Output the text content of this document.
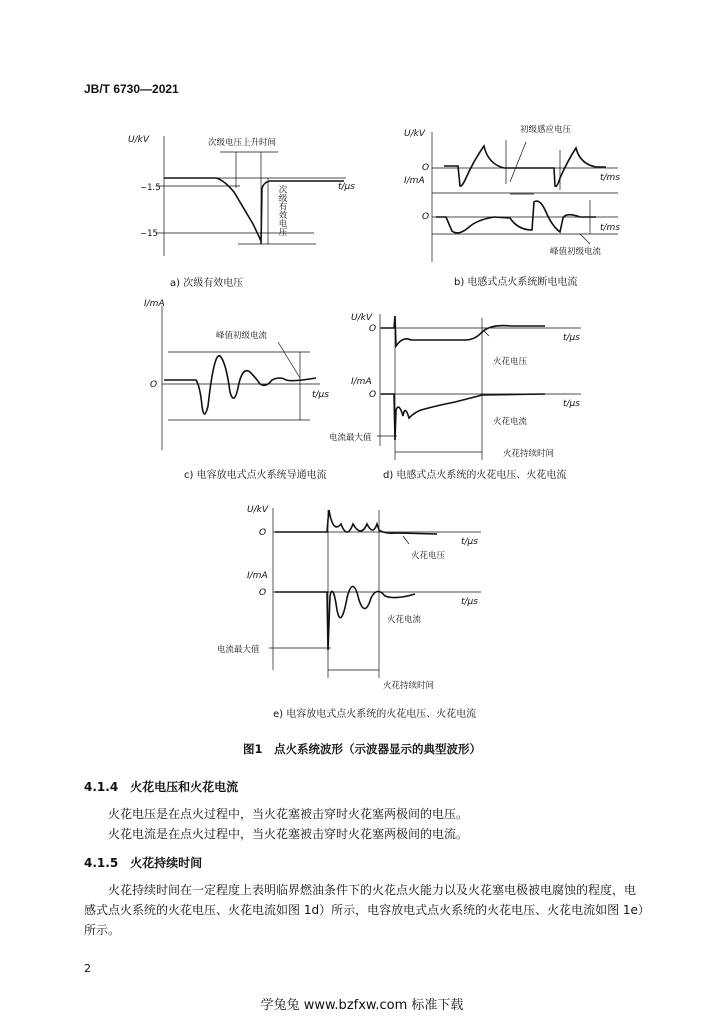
JB/T 6730—2021
U/kV
t/μs
−1.5
−15
次级电压上升时间
次级有效电压
a) 次级有效电压
U/kV
I/mA
O
O
t/ms
t/ms
初级感应电压
峰值初级电流
b) 电感式点火系统断电电流
I/mA
O
t/μs
峰值初级电流
c) 电容放电式点火系统导通电流
U/kV
O
t/μs
I/mA
O
t/μs
火花电压
火花电流
电流最大值
火花持续时间
d) 电感式点火系统的火花电压、火花电流
U/kV
O
t/μs
I/mA
O
t/μs
火花电压
火花电流
电流最大值
火花持续时间
e) 电容放电式点火系统的火花电压、火花电流
图1　点火系统波形（示波器显示的典型波形）
4.1.4　火花电压和火花电流
火花电压是在点火过程中，当火花塞被击穿时火花塞两极间的电压。
火花电流是在点火过程中，当火花塞被击穿时火花塞两极间的电流。
4.1.5　火花持续时间
火花持续时间在一定程度上表明临界燃油条件下的火花点火能力以及火花塞电极被电腐蚀的程度，电感式点火系统的火花电压、火花电流如图 1d）所示，电容放电式点火系统的火花电压、火花电流如图 1e）所示。
2
学兔兔 www.bzfxw.com 标准下载
